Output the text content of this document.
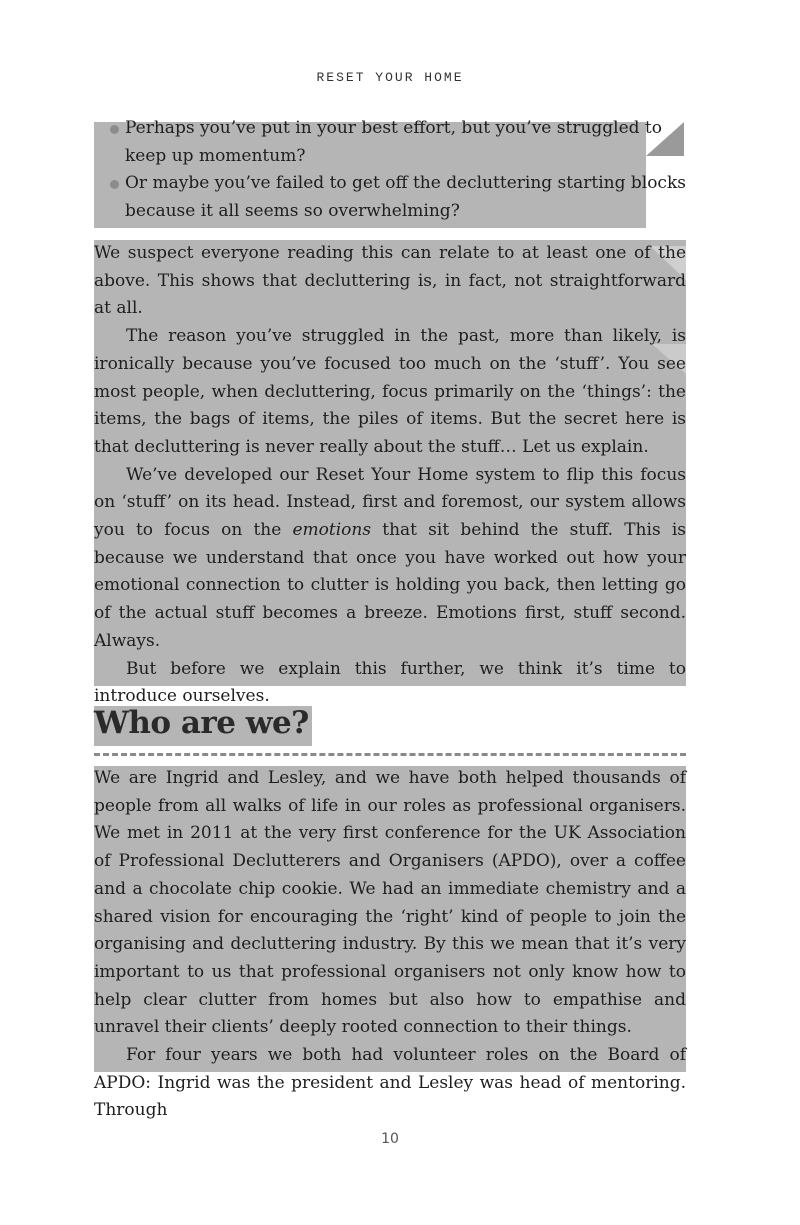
RESET YOUR HOME
Perhaps you’ve put in your best effort, but you’ve struggled to keep up momentum?
Or maybe you’ve failed to get off the decluttering starting blocks because it all seems so overwhelming?

We suspect everyone reading this can relate to at least one of the above. This shows that decluttering is, in fact, not straightforward at all.

The reason you’ve struggled in the past, more than likely, is ironically because you’ve focused too much on the ‘stuff’. You see most people, when decluttering, focus primarily on the ‘things’: the items, the bags of items, the piles of items. But the secret here is that decluttering is never really about the stuff… Let us explain.

We’ve developed our Reset Your Home system to flip this focus on ‘stuff’ on its head. Instead, first and foremost, our system allows you to focus on the emotions that sit behind the stuff. This is because we understand that once you have worked out how your emotional connection to clutter is holding you back, then letting go of the actual stuff becomes a breeze. Emotions first, stuff second. Always.

But before we explain this further, we think it’s time to introduce ourselves.

Who are we?

We are Ingrid and Lesley, and we have both helped thousands of people from all walks of life in our roles as professional organisers. We met in 2011 at the very first conference for the UK Association of Professional Declutterers and Organisers (APDO), over a coffee and a chocolate chip cookie. We had an immediate chemistry and a shared vision for encouraging the ‘right’ kind of people to join the organising and decluttering industry. By this we mean that it’s very important to us that professional organisers not only know how to help clear clutter from homes but also how to empathise and unravel their clients’ deeply rooted connection to their things.

For four years we both had volunteer roles on the Board of APDO: Ingrid was the president and Lesley was head of mentoring. Through

10
